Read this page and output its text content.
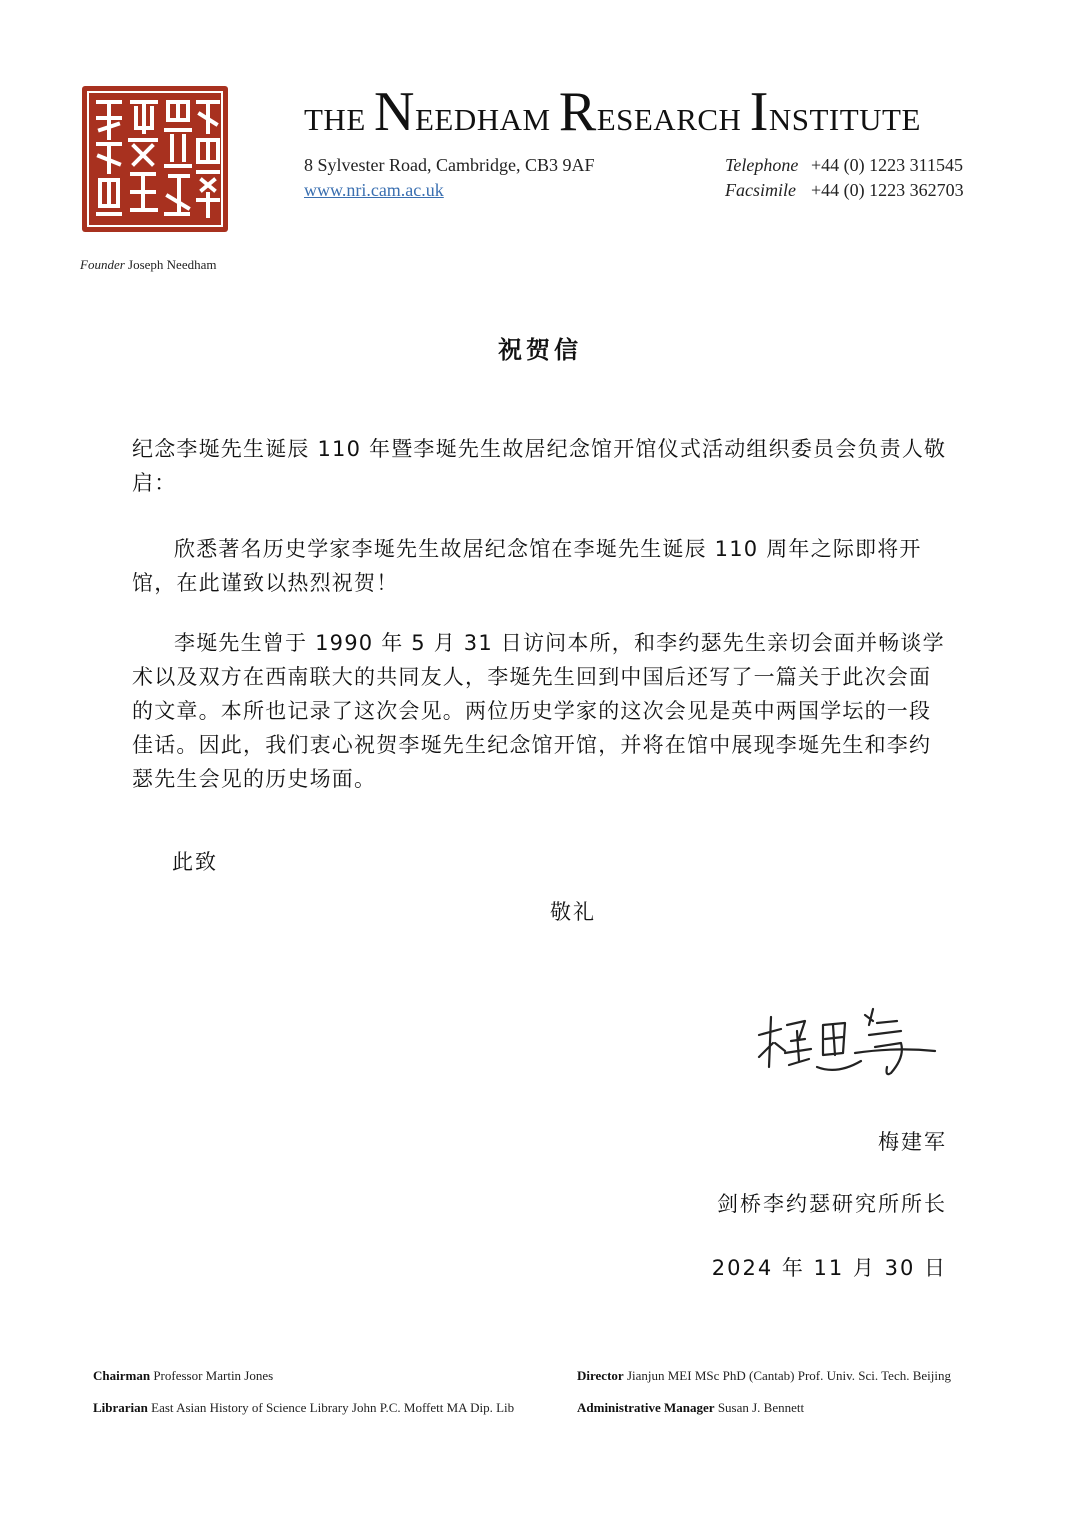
Founder Joseph Needham
THE NEEDHAM RESEARCH INSTITUTE
8 Sylvester Road, Cambridge, CB3 9AF
www.nri.cam.ac.uk
Telephone +44 (0) 1223 311545
Facsimile +44 (0) 1223 362703
祝贺信

纪念李埏先生诞辰 110 年暨李埏先生故居纪念馆开馆仪式活动组织委员会负责人敬启：

欣悉著名历史学家李埏先生故居纪念馆在李埏先生诞辰 110 周年之际即将开馆，在此谨致以热烈祝贺！

李埏先生曾于 1990 年 5 月 31 日访问本所，和李约瑟先生亲切会面并畅谈学术以及双方在西南联大的共同友人，李埏先生回到中国后还写了一篇关于此次会面的文章。本所也记录了这次会见。两位历史学家的这次会见是英中两国学坛的一段佳话。因此，我们衷心祝贺李埏先生纪念馆开馆，并将在馆中展现李埏先生和李约瑟先生会见的历史场面。

此致
敬礼
梅建军
剑桥李约瑟研究所所长
2024 年 11 月 30 日
Chairman Professor Martin Jones	Director Jianjun MEI MSc PhD (Cantab) Prof. Univ. Sci. Tech. Beijing
Librarian East Asian History of Science Library John P.C. Moffett MA Dip. Lib	Administrative Manager Susan J. Bennett
